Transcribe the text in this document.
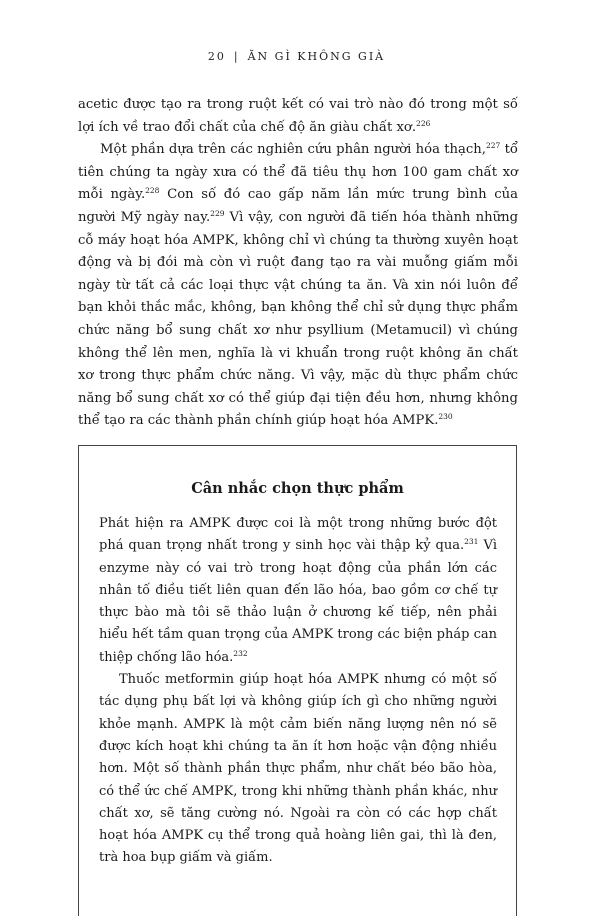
20 | ĂN GÌ KHÔNG GIÀ

acetic được tạo ra trong ruột kết có vai trò nào đó trong một số lợi ích về trao đổi chất của chế độ ăn giàu chất xơ.$^{226}$

Một phần dựa trên các nghiên cứu phân người hóa thạch,$^{227}$ tổ tiên chúng ta ngày xưa có thể đã tiêu thụ hơn 100 gam chất xơ mỗi ngày.$^{228}$ Con số đó cao gấp năm lần mức trung bình của người Mỹ ngày nay.$^{229}$ Vì vậy, con người đã tiến hóa thành những cỗ máy hoạt hóa AMPK, không chỉ vì chúng ta thường xuyên hoạt động và bị đói mà còn vì ruột đang tạo ra vài muỗng giấm mỗi ngày từ tất cả các loại thực vật chúng ta ăn. Và xin nói luôn để bạn khỏi thắc mắc, không, bạn không thể chỉ sử dụng thực phẩm chức năng bổ sung chất xơ như psyllium (Metamucil) vì chúng không thể lên men, nghĩa là vi khuẩn trong ruột không ăn chất xơ trong thực phẩm chức năng. Vì vậy, mặc dù thực phẩm chức năng bổ sung chất xơ có thể giúp đại tiện đều hơn, nhưng không thể tạo ra các thành phần chính giúp hoạt hóa AMPK.$^{230}$

Cân nhắc chọn thực phẩm

Phát hiện ra AMPK được coi là một trong những bước đột phá quan trọng nhất trong y sinh học vài thập kỷ qua.$^{231}$ Vì enzyme này có vai trò trong hoạt động của phần lớn các nhân tố điều tiết liên quan đến lão hóa, bao gồm cơ chế tự thực bào mà tôi sẽ thảo luận ở chương kế tiếp, nên phải hiểu hết tầm quan trọng của AMPK trong các biện pháp can thiệp chống lão hóa.$^{232}$

Thuốc metformin giúp hoạt hóa AMPK nhưng có một số tác dụng phụ bất lợi và không giúp ích gì cho những người khỏe mạnh. AMPK là một cảm biến năng lượng nên nó sẽ được kích hoạt khi chúng ta ăn ít hơn hoặc vận động nhiều hơn. Một số thành phần thực phẩm, như chất béo bão hòa, có thể ức chế AMPK, trong khi những thành phần khác, như chất xơ, sẽ tăng cường nó. Ngoài ra còn có các hợp chất hoạt hóa AMPK cụ thể trong quả hoàng liên gai, thì là đen, trà hoa bụp giấm và giấm.
